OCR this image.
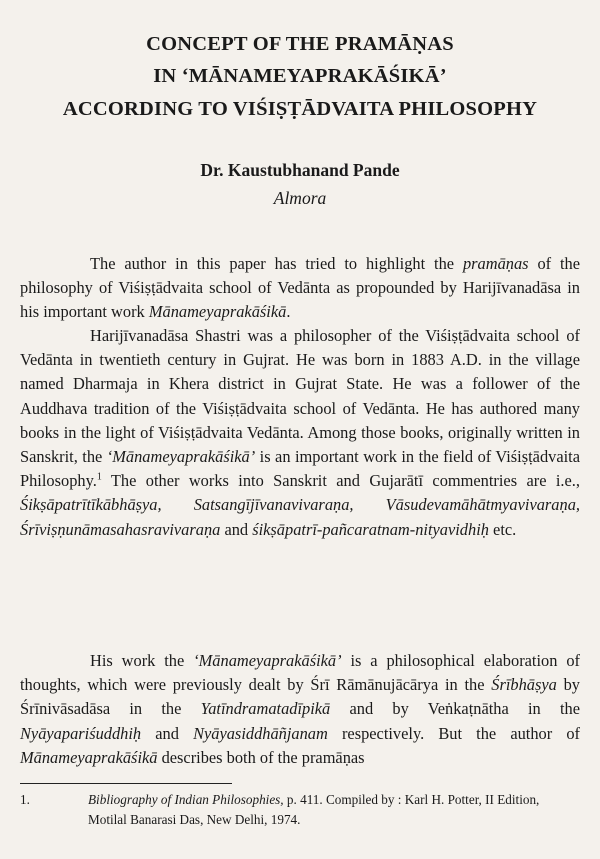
CONCEPT OF THE PRAMĀṆAS
IN ‘MĀNAMEYAPRAKĀŚIKĀ’
ACCORDING TO VIŚIṢṬĀDVAITA PHILOSOPHY
Dr. Kaustubhanand Pande
Almora

The author in this paper has tried to highlight the pramāṇas of the philosophy of Viśiṣṭādvaita school of Vedānta as propounded by Harijīvanadāsa in his important work Mānameyaprakāśikā.

Harijīvanadāsa Shastri was a philosopher of the Viśiṣṭādvaita school of Vedānta in twentieth century in Gujrat. He was born in 1883 A.D. in the village named Dharmaja in Khera district in Gujrat State. He was a follower of the Auddhava tradition of the Viśiṣṭādvaita school of Vedānta. He has authored many books in the light of Viśiṣṭādvaita Vedānta. Among those books, originally written in Sanskrit, the ‘Mānameyaprakāśikā’ is an important work in the field of Viśiṣṭādvaita Philosophy.$^1$ The other works into Sanskrit and Gujarātī commentries are i.e., Śikṣāpatrītīkābhāṣya, Satsangījīvanavivaraṇa, Vāsudevamāhātmyavivaraṇa, Śrīviṣṇunāmasahasravivaraṇa and śikṣāpatrī-pañcaratnam-nityavidhiḥ etc.

His work the ‘Mānameyaprakāśikā’ is a philosophical elaboration of thoughts, which were previously dealt by Śrī Rāmānujācārya in the Śrībhāṣya by Śrīnivāsadāsa in the Yatīndramatadīpikā and by Veṅkaṭnātha in the Nyāyapariśuddhiḥ and Nyāyasiddhāñjanam respectively. But the author of Mānameyaprakāśikā describes both of the pramāṇas

1.	Bibliography of Indian Philosophies, p. 411. Compiled by : Karl H. Potter, II Edition, Motilal Banarasi Das, New Delhi, 1974.
